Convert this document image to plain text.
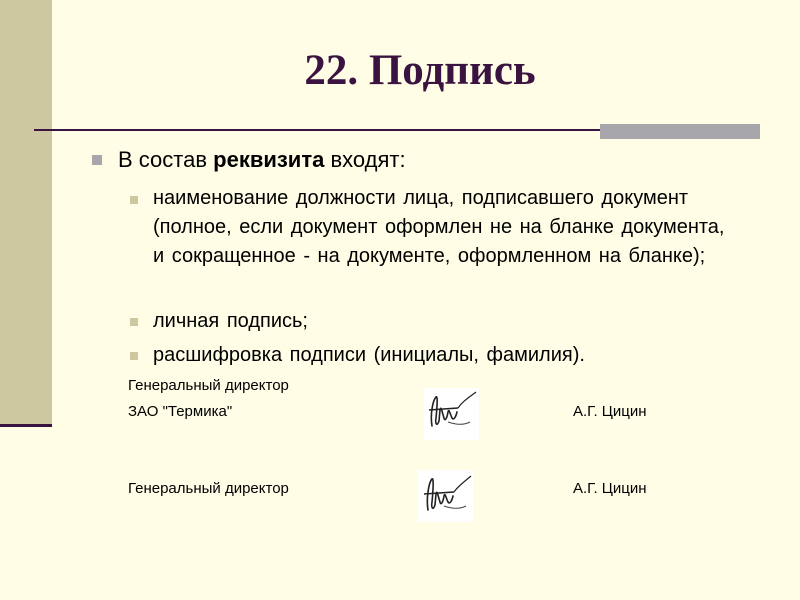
22. Подпись
В состав реквизита входят:
наименование должности лица, подписавшего документ (полное, если документ оформлен не на бланке документа, и сокращенное - на документе, оформленном на бланке);
личная подпись;
расшифровка подписи (инициалы, фамилия).
Генеральный директор
ЗАО "Термика"	А.Г. Цицин
Генеральный директор	А.Г. Цицин
